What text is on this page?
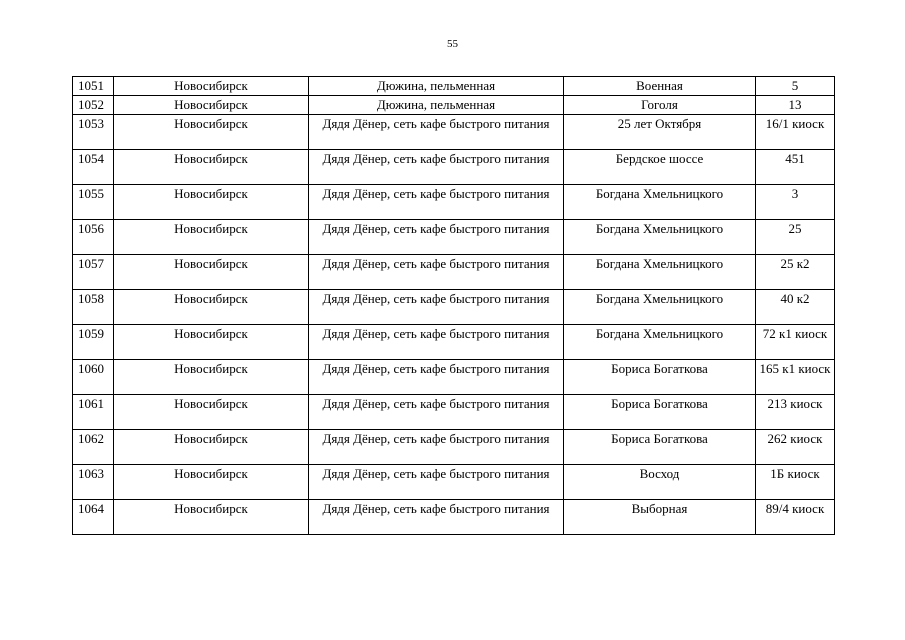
55
1051	Новосибирск	Дюжина, пельменная	Военная	5
1052	Новосибирск	Дюжина, пельменная	Гоголя	13
1053	Новосибирск	Дядя Дёнер, сеть кафе быстрого питания	25 лет Октября	16/1 киоск
1054	Новосибирск	Дядя Дёнер, сеть кафе быстрого питания	Бердское шоссе	451
1055	Новосибирск	Дядя Дёнер, сеть кафе быстрого питания	Богдана Хмельницкого	3
1056	Новосибирск	Дядя Дёнер, сеть кафе быстрого питания	Богдана Хмельницкого	25
1057	Новосибирск	Дядя Дёнер, сеть кафе быстрого питания	Богдана Хмельницкого	25 к2
1058	Новосибирск	Дядя Дёнер, сеть кафе быстрого питания	Богдана Хмельницкого	40 к2
1059	Новосибирск	Дядя Дёнер, сеть кафе быстрого питания	Богдана Хмельницкого	72 к1 киоск
1060	Новосибирск	Дядя Дёнер, сеть кафе быстрого питания	Бориса Богаткова	165 к1 киоск
1061	Новосибирск	Дядя Дёнер, сеть кафе быстрого питания	Бориса Богаткова	213 киоск
1062	Новосибирск	Дядя Дёнер, сеть кафе быстрого питания	Бориса Богаткова	262 киоск
1063	Новосибирск	Дядя Дёнер, сеть кафе быстрого питания	Восход	1Б киоск
1064	Новосибирск	Дядя Дёнер, сеть кафе быстрого питания	Выборная	89/4 киоск
